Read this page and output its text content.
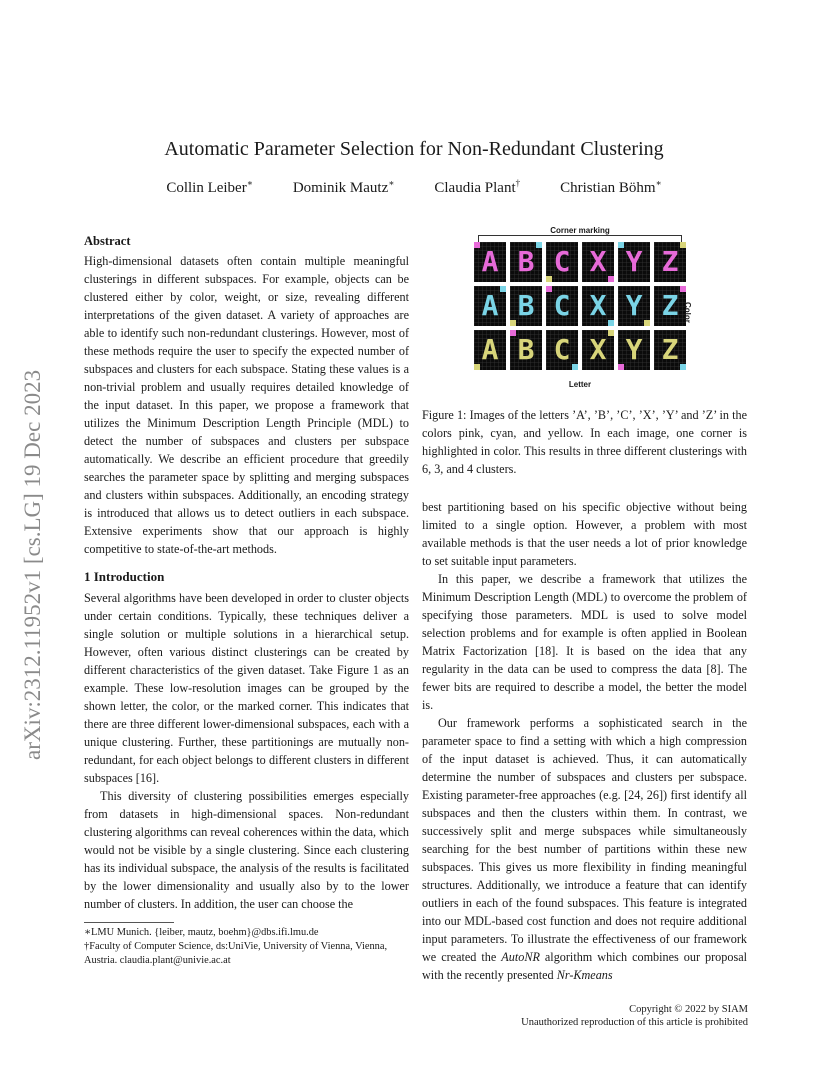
arXiv:2312.11952v1 [cs.LG] 19 Dec 2023
Automatic Parameter Selection for Non-Redundant Clustering
Collin Leiber∗	Dominik Mautz∗	Claudia Plant†	Christian Böhm∗
Abstract

High-dimensional datasets often contain multiple meaningful clusterings in different subspaces. For example, objects can be clustered either by color, weight, or size, revealing different interpretations of the given dataset. A variety of approaches are able to identify such non-redundant clusterings. However, most of these methods require the user to specify the expected number of subspaces and clusters for each subspace. Stating these values is a non-trivial problem and usually requires detailed knowledge of the input dataset. In this paper, we propose a framework that utilizes the Minimum Description Length Principle (MDL) to detect the number of subspaces and clusters per subspace automatically. We describe an efficient procedure that greedily searches the parameter space by splitting and merging subspaces and clusters within subspaces. Additionally, an encoding strategy is introduced that allows us to detect outliers in each subspace. Extensive experiments show that our approach is highly competitive to state-of-the-art methods.

1 Introduction

Several algorithms have been developed in order to cluster objects under certain conditions. Typically, these techniques deliver a single solution or multiple solutions in a hierarchical setup. However, often various distinct clusterings can be created by different characteristics of the given dataset. Take Figure 1 as an example. These low-resolution images can be grouped by the shown letter, the color, or the marked corner. This indicates that there are three different lower-dimensional subspaces, each with a unique clustering. Further, these partitionings are mutually non-redundant, for each object belongs to different clusters in different subspaces [16].

This diversity of clustering possibilities emerges especially from datasets in high-dimensional spaces. Non-redundant clustering algorithms can reveal coherences within the data, which would not be visible by a single clustering. Since each clustering has its individual subspace, the analysis of the results is facilitated by the lower dimensionality and usually also by to the lower number of clusters. In addition, the user can choose the

∗LMU Munich. {leiber, mautz, boehm}@dbs.ifi.lmu.de
†Faculty of Computer Science, ds:UniVie, University of Vienna, Vienna, Austria. claudia.plant@univie.ac.at
Corner marking
A B C X Y Z
A B C X Y Z
A B C X Y Z
Color
Letter
Figure 1: Images of the letters ’A’, ’B’, ’C’, ’X’, ’Y’ and ’Z’ in the colors pink, cyan, and yellow. In each image, one corner is highlighted in color. This results in three different clusterings with 6, 3, and 4 clusters.

best partitioning based on his specific objective without being limited to a single option. However, a problem with most available methods is that the user needs a lot of prior knowledge to set suitable input parameters.

In this paper, we describe a framework that utilizes the Minimum Description Length (MDL) to overcome the problem of specifying those parameters. MDL is used to solve model selection problems and for example is often applied in Boolean Matrix Factorization [18]. It is based on the idea that any regularity in the data can be used to compress the data [8]. The fewer bits are required to describe a model, the better the model is.

Our framework performs a sophisticated search in the parameter space to find a setting with which a high compression of the input dataset is achieved. Thus, it can automatically determine the number of subspaces and clusters per subspace. Existing parameter-free approaches (e.g. [24, 26]) first identify all subspaces and then the clusters within them. In contrast, we successively split and merge subspaces while simultaneously searching for the best number of partitions within these new subspaces. This gives us more flexibility in finding meaningful structures. Additionally, we introduce a feature that can identify outliers in each of the found subspaces. This feature is integrated into our MDL-based cost function and does not require additional input parameters. To illustrate the effectiveness of our framework we created the AutoNR algorithm which combines our proposal with the recently presented Nr-Kmeans

Copyright © 2022 by SIAM
Unauthorized reproduction of this article is prohibited
